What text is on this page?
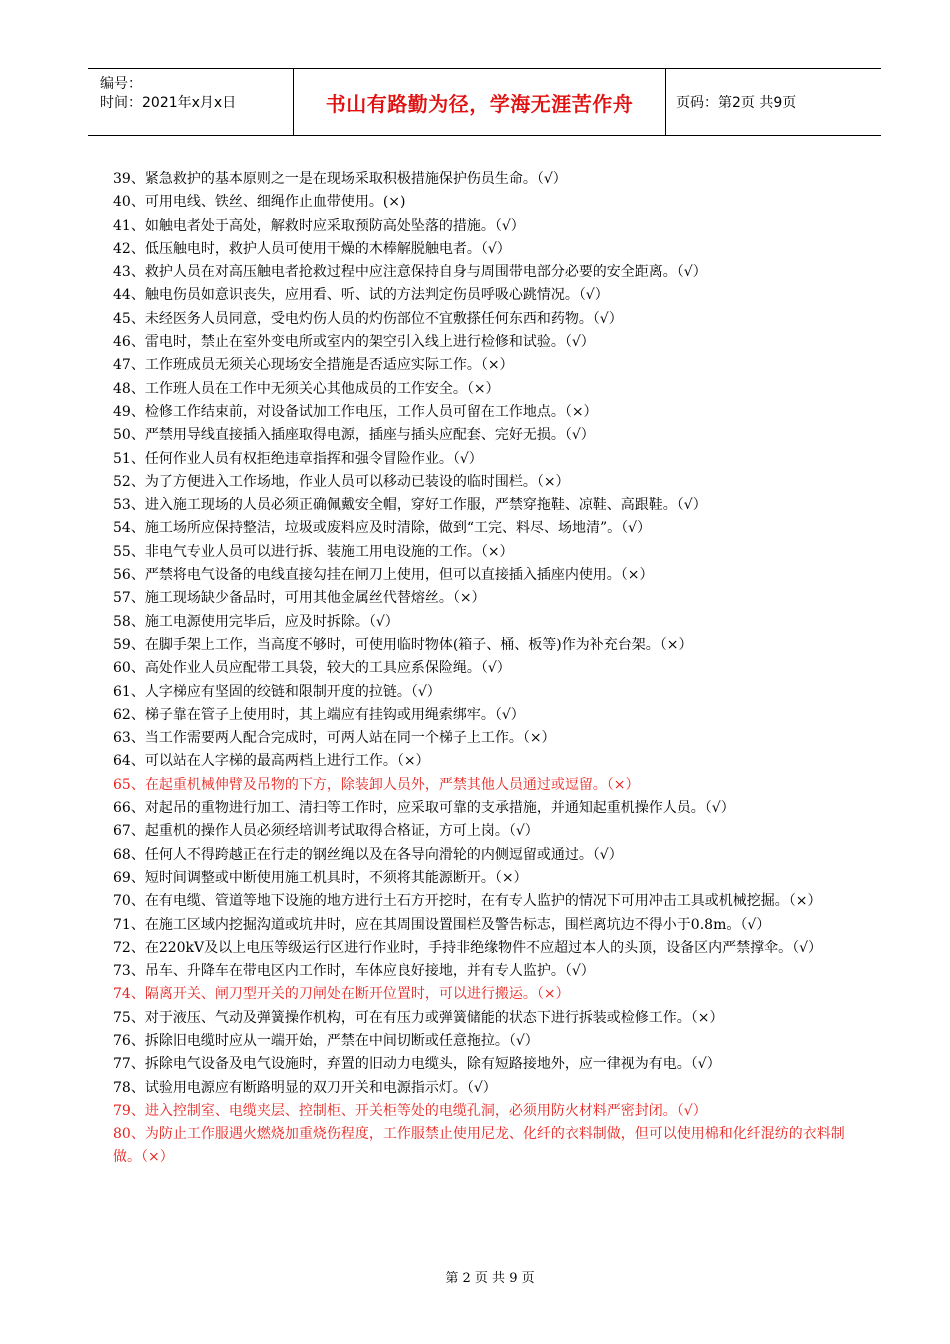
编号：
时间：2021年x月x日	书山有路勤为径，学海无涯苦作舟	页码：第2页 共9页

39、紧急救护的基本原则之一是在现场采取积极措施保护伤员生命。（√）

40、可用电线、铁丝、细绳作止血带使用。(×)

41、如触电者处于高处，解救时应采取预防高处坠落的措施。（√）

42、低压触电时，救护人员可使用干燥的木棒解脱触电者。（√）

43、救护人员在对高压触电者抢救过程中应注意保持自身与周围带电部分必要的安全距离。（√）

44、触电伤员如意识丧失，应用看、听、试的方法判定伤员呼吸心跳情况。（√）

45、未经医务人员同意，受电灼伤人员的灼伤部位不宜敷搽任何东西和药物。（√）

46、雷电时，禁止在室外变电所或室内的架空引入线上进行检修和试验。（√）

47、工作班成员无须关心现场安全措施是否适应实际工作。（×）

48、工作班人员在工作中无须关心其他成员的工作安全。（×）

49、检修工作结束前，对设备试加工作电压，工作人员可留在工作地点。（×）

50、严禁用导线直接插入插座取得电源，插座与插头应配套、完好无损。（√）

51、任何作业人员有权拒绝违章指挥和强令冒险作业。（√）

52、为了方便进入工作场地，作业人员可以移动已装设的临时围栏。（×）

53、进入施工现场的人员必须正确佩戴安全帽，穿好工作服，严禁穿拖鞋、凉鞋、高跟鞋。（√）

54、施工场所应保持整洁，垃圾或废料应及时清除，做到“工完、料尽、场地清”。（√）

55、非电气专业人员可以进行拆、装施工用电设施的工作。（×）

56、严禁将电气设备的电线直接勾挂在闸刀上使用，但可以直接插入插座内使用。（×）

57、施工现场缺少备品时，可用其他金属丝代替熔丝。（×）

58、施工电源使用完毕后，应及时拆除。（√）

59、在脚手架上工作，当高度不够时，可使用临时物体(箱子、桶、板等)作为补充台架。（×）

60、高处作业人员应配带工具袋，较大的工具应系保险绳。（√）

61、人字梯应有坚固的绞链和限制开度的拉链。（√）

62、梯子靠在管子上使用时，其上端应有挂钩或用绳索绑牢。（√）

63、当工作需要两人配合完成时，可两人站在同一个梯子上工作。（×）

64、可以站在人字梯的最高两档上进行工作。（×）

65、在起重机械伸臂及吊物的下方，除装卸人员外，严禁其他人员通过或逗留。（×）

66、对起吊的重物进行加工、清扫等工作时，应采取可靠的支承措施，并通知起重机操作人员。（√）

67、起重机的操作人员必须经培训考试取得合格证，方可上岗。（√）

68、任何人不得跨越正在行走的钢丝绳以及在各导向滑轮的内侧逗留或通过。（√）

69、短时间调整或中断使用施工机具时，不须将其能源断开。（×）

70、在有电缆、管道等地下设施的地方进行土石方开挖时，在有专人监护的情况下可用冲击工具或机械挖掘。（×）

71、在施工区域内挖掘沟道或坑井时，应在其周围设置围栏及警告标志，围栏离坑边不得小于0.8m。（√）

72、在220kV及以上电压等级运行区进行作业时，手持非绝缘物件不应超过本人的头顶，设备区内严禁撑伞。（√）

73、吊车、升降车在带电区内工作时，车体应良好接地，并有专人监护。（√）

74、隔离开关、闸刀型开关的刀闸处在断开位置时，可以进行搬运。（×）

75、对于液压、气动及弹簧操作机构，可在有压力或弹簧储能的状态下进行拆装或检修工作。（×）

76、拆除旧电缆时应从一端开始，严禁在中间切断或任意拖拉。（√）

77、拆除电气设备及电气设施时，弃置的旧动力电缆头，除有短路接地外，应一律视为有电。（√）

78、试验用电源应有断路明显的双刀开关和电源指示灯。（√）

79、进入控制室、电缆夹层、控制柜、开关柜等处的电缆孔洞，必须用防火材料严密封闭。（√）

80、为防止工作服遇火燃烧加重烧伤程度，工作服禁止使用尼龙、化纤的衣料制做，但可以使用棉和化纤混纺的衣料制做。（×）

第 2 页 共 9 页
